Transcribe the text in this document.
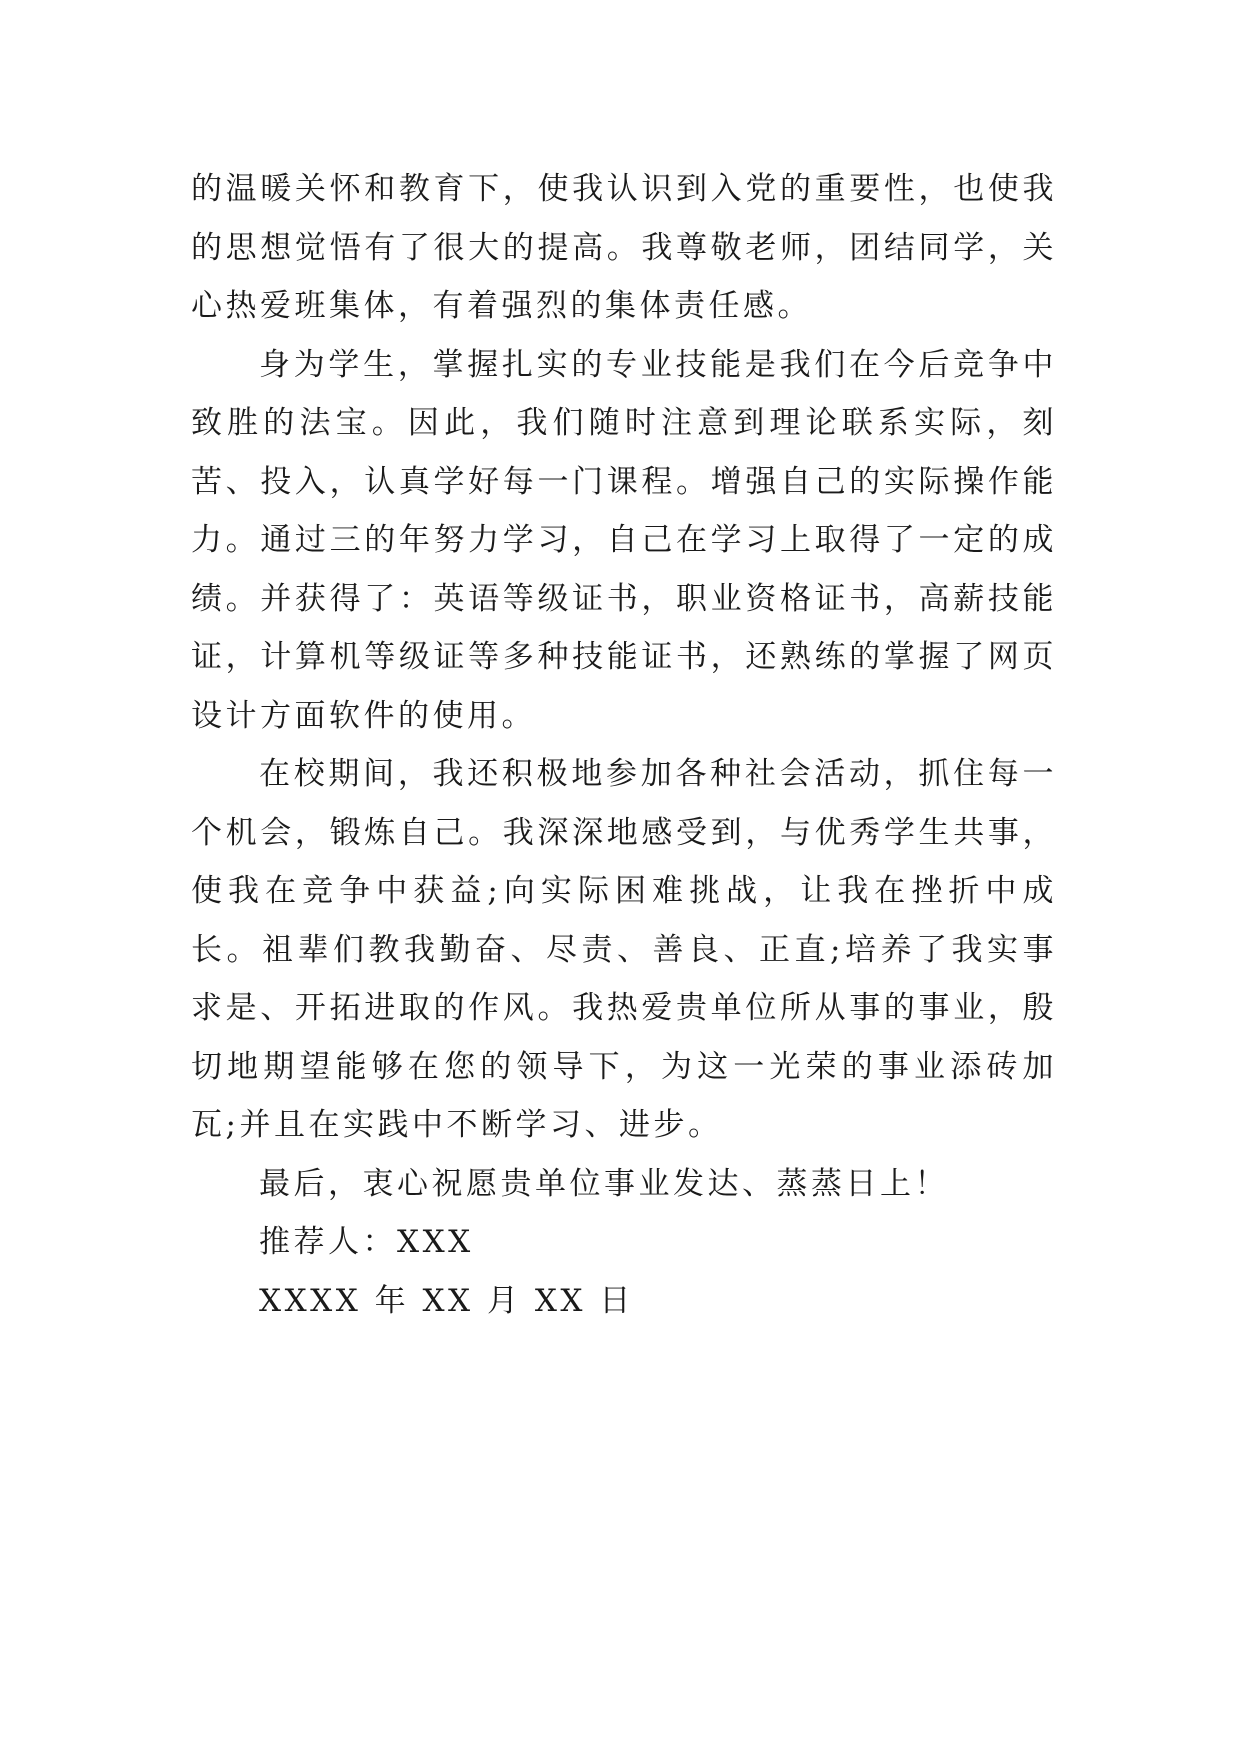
的温暖关怀和教育下，使我认识到入党的重要性，也使我的思想觉悟有了很大的提高。我尊敬老师，团结同学，关心热爱班集体，有着强烈的集体责任感。

身为学生，掌握扎实的专业技能是我们在今后竞争中致胜的法宝。因此，我们随时注意到理论联系实际，刻苦、投入，认真学好每一门课程。增强自己的实际操作能力。通过三的年努力学习，自己在学习上取得了一定的成绩。并获得了：英语等级证书，职业资格证书，高薪技能证，计算机等级证等多种技能证书，还熟练的掌握了网页设计方面软件的使用。

在校期间，我还积极地参加各种社会活动，抓住每一个机会，锻炼自己。我深深地感受到，与优秀学生共事，使我在竞争中获益;向实际困难挑战，让我在挫折中成长。祖辈们教我勤奋、尽责、善良、正直;培养了我实事求是、开拓进取的作风。我热爱贵单位所从事的事业，殷切地期望能够在您的领导下，为这一光荣的事业添砖加瓦;并且在实践中不断学习、进步。

最后，衷心祝愿贵单位事业发达、蒸蒸日上！

推荐人：XXX

XXXX 年 XX 月 XX 日
